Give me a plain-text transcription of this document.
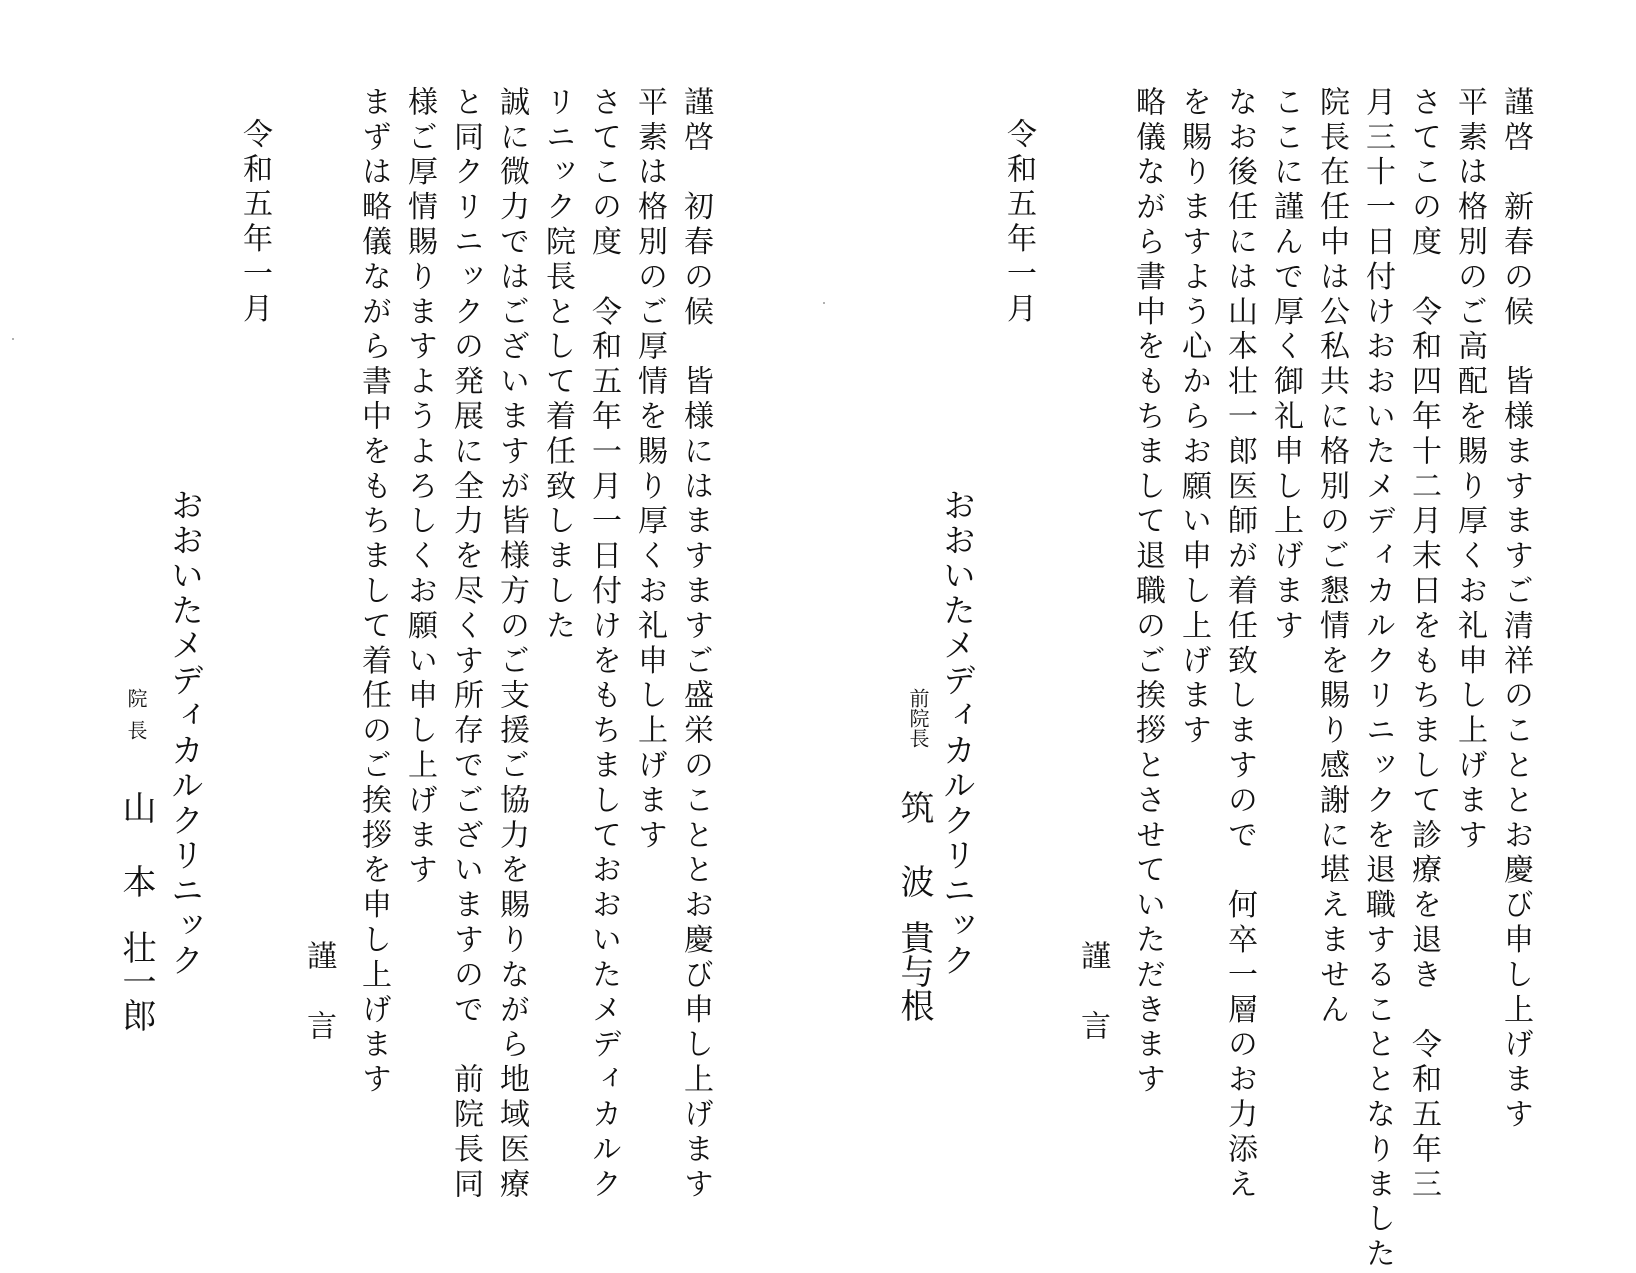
謹啓　新春の候　皆様ますますご清祥のこととお慶び申し上げます
平素は格別のご高配を賜り厚くお礼申し上げます
さてこの度　令和四年十二月末日をもちまして診療を退き　令和五年三
月三十一日付けおおいたメディカルクリニックを退職することとなりました
院長在任中は公私共に格別のご懇情を賜り感謝に堪えません
ここに謹んで厚く御礼申し上げます
なお後任には山本壮一郎医師が着任致しますので　何卒一層のお力添え
を賜りますよう心からお願い申し上げます
略儀ながら書中をもちまして退職のご挨拶とさせていただきます
謹言
令和五年一月
おおいたメディカルクリニック
前院長
筑波
貴与根
謹啓　初春の候　皆様にはますますご盛栄のこととお慶び申し上げます
平素は格別のご厚情を賜り厚くお礼申し上げます
さてこの度　令和五年一月一日付けをもちましておおいたメディカルク
リニック院長として着任致しました
誠に微力ではございますが皆様方のご支援ご協力を賜りながら地域医療
と同クリニックの発展に全力を尽くす所存でございますので　前院長同
様ご厚情賜りますようよろしくお願い申し上げます
まずは略儀ながら書中をもちまして着任のご挨拶を申し上げます
謹言
令和五年一月
おおいたメディカルクリニック
院長
山本
壮一郎
